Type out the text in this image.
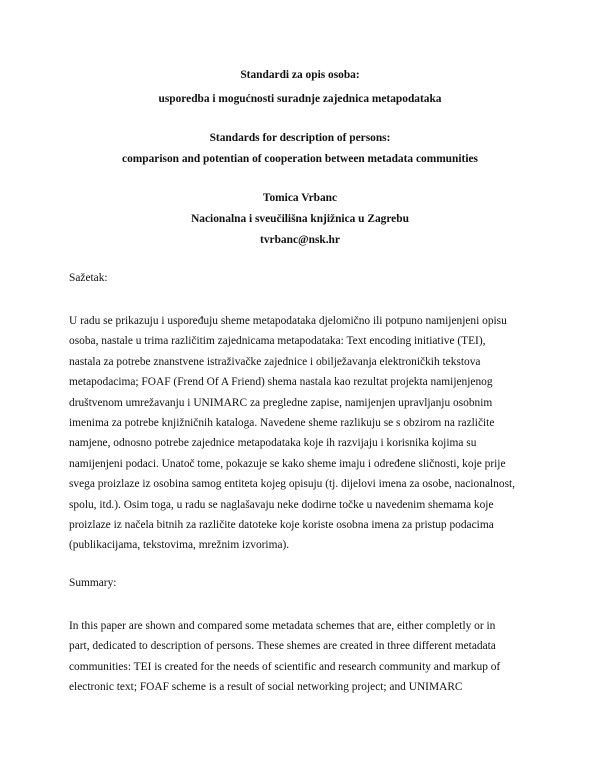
Standardi za opis osoba:
usporedba i mogućnosti suradnje zajednica metapodataka
Standards for description of persons:
comparison and potentian of cooperation between metadata communities
Tomica Vrbanc
Nacionalna i sveučilišna knjižnica u Zagrebu
tvrbanc@nsk.hr
Sažetak:
U radu se prikazuju i uspoređuju sheme metapodataka djelomično ili potpuno namijenjeni opisu
osoba, nastale u trima različitim zajednicama metapodataka: Text encoding initiative (TEI),
nastala za potrebe znanstvene istraživačke zajednice i obilježavanja elektroničkih tekstova
metapodacima; FOAF (Frend Of A Friend) shema nastala kao rezultat projekta namijenjenog
društvenom umrežavanju i UNIMARC za pregledne zapise, namijenjen upravljanju osobnim
imenima za potrebe knjižničnih kataloga. Navedene sheme razlikuju se s obzirom na različite
namjene, odnosno potrebe zajednice metapodataka koje ih razvijaju i korisnika kojima su
namijenjeni podaci. Unatoč tome, pokazuje se kako sheme imaju i određene sličnosti, koje prije
svega proizlaze iz osobina samog entiteta kojeg opisuju (tj. dijelovi imena za osobe, nacionalnost,
spolu, itd.). Osim toga, u radu se naglašavaju neke dodirne točke u navedenim shemama koje
proizlaze iz načela bitnih za različite datoteke koje koriste osobna imena za pristup podacima
(publikacijama, tekstovima, mrežnim izvorima).
Summary:
In this paper are shown and compared some metadata schemes that are, either completly or in
part, dedicated to description of persons. These shemes are created in three different metadata
communities: TEI is created for the needs of scientific and research community and markup of
electronic text; FOAF scheme is a result of social networking project; and UNIMARC
